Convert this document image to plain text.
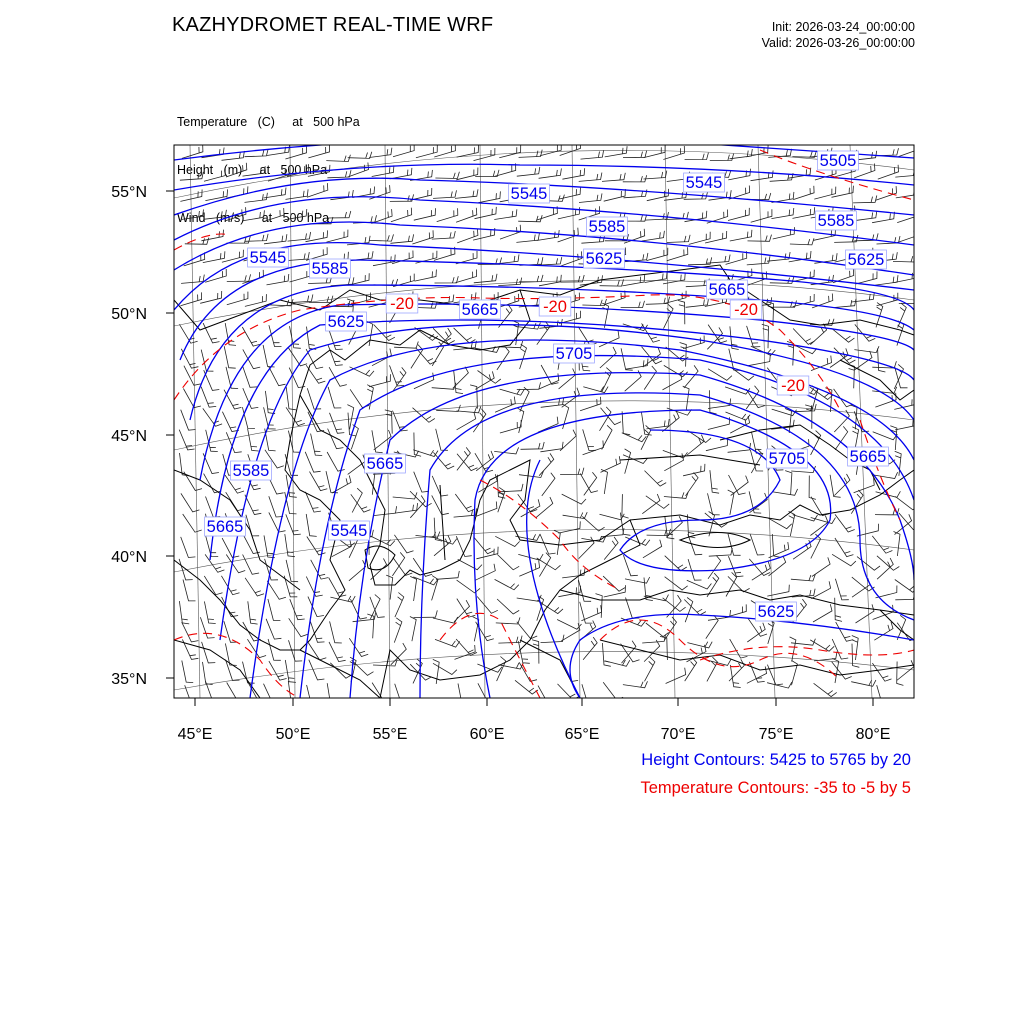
KAZHYDROMET REAL-TIME WRF	Init: 2026-03-24_00:00:00
Valid: 2026-03-26_00:00:00

Temperature   (C)     at   500 hPa

Height   (m)     at   500 hPa

Wind   (m/s)     at   500 hPa

55°N
50°N
45°N
40°N
35°N
45°E	50°E	55°E	60°E	65°E	70°E	75°E	80°E
5505
5545
5545
5585	5585
5545
5585
5625	5625
5625
5665
5665
5705
5665
5585
5665
5705
5665	5545
5625
-20	-20	-20
-20
Height Contours: 5425 to 5765 by 20
Temperature Contours: -35 to -5 by 5
